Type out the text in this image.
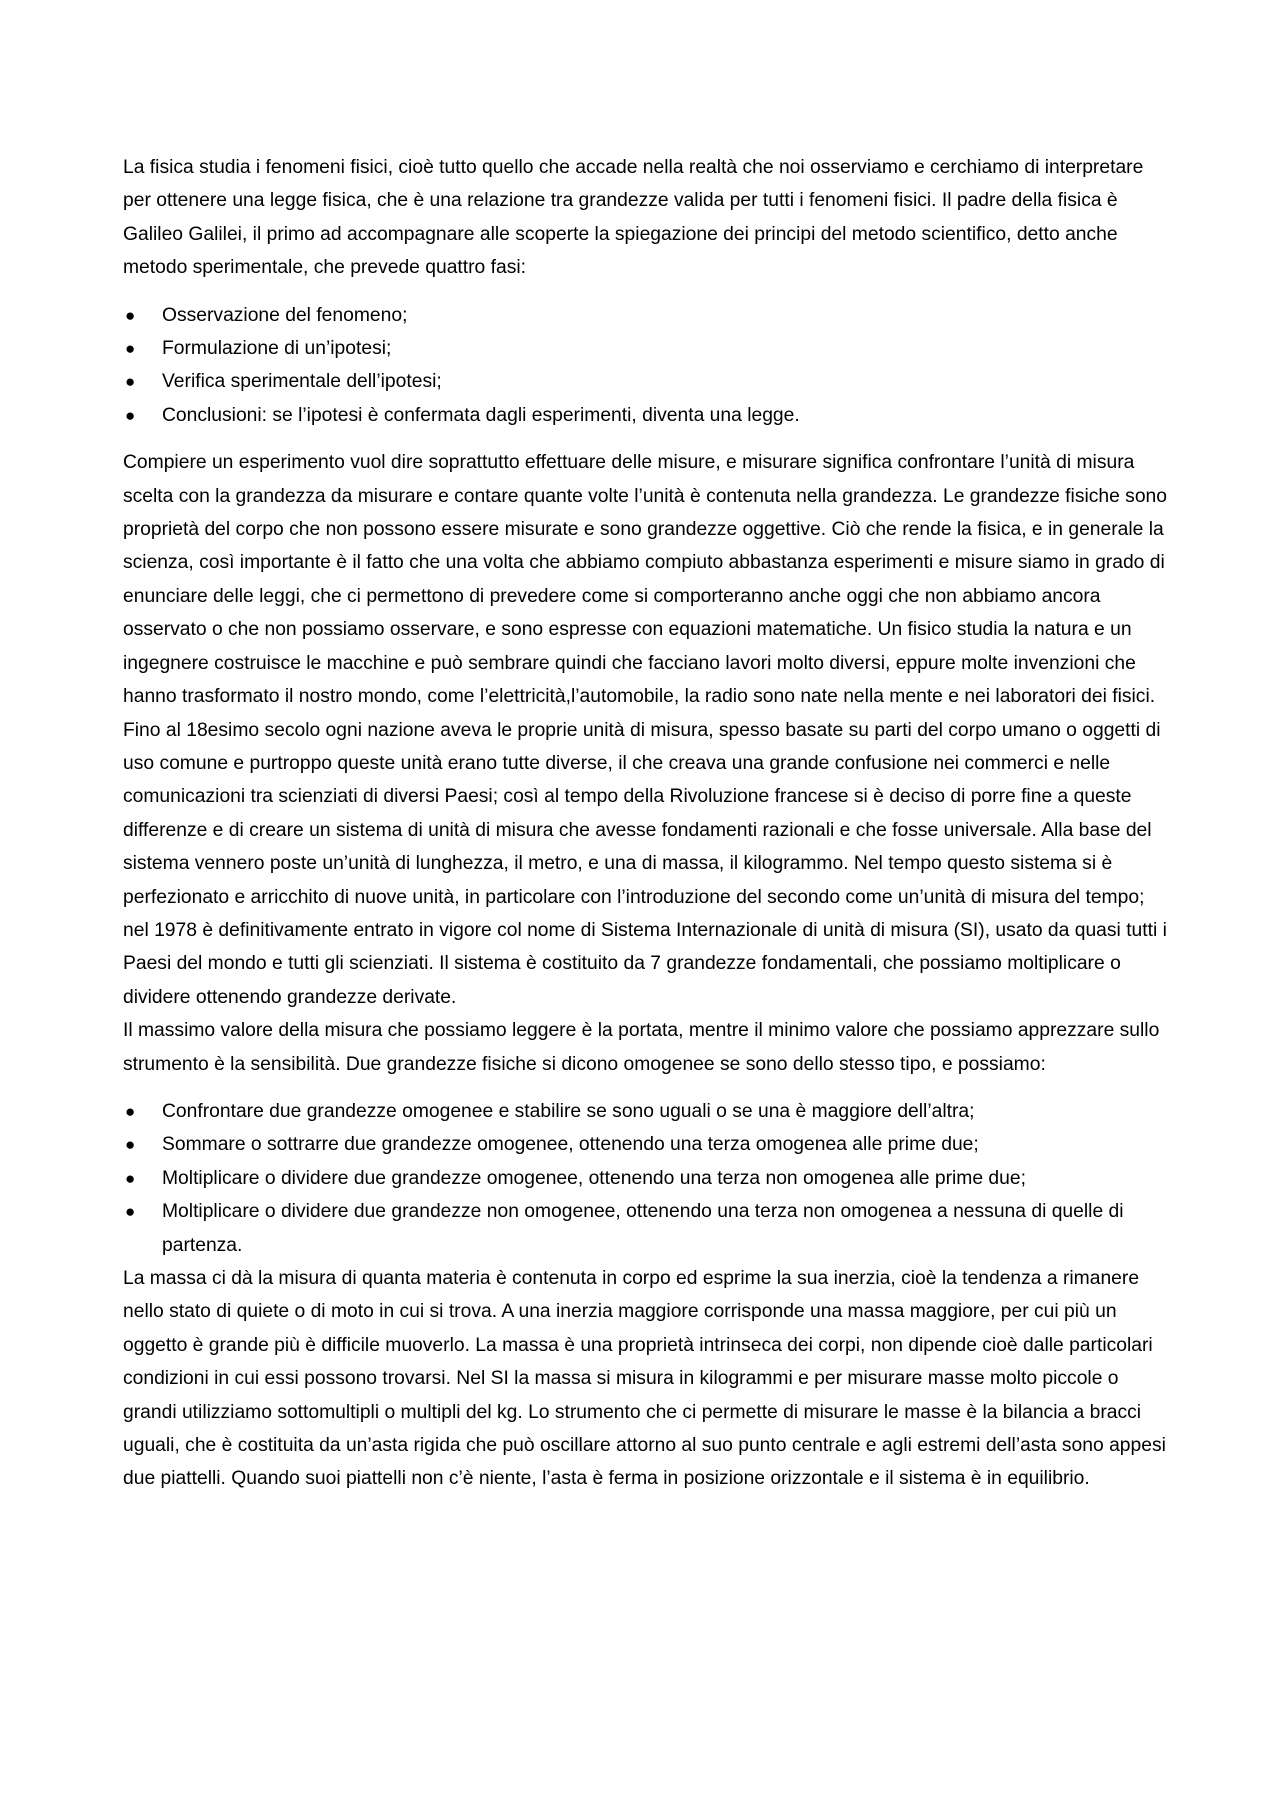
La fisica studia i fenomeni fisici, cioè tutto quello che accade nella realtà che noi osserviamo e cerchiamo di interpretare per ottenere una legge fisica, che è una relazione tra grandezze valida per tutti i fenomeni fisici. Il padre della fisica è Galileo Galilei, il primo ad accompagnare alle scoperte la spiegazione dei principi del metodo scientifico, detto anche metodo sperimentale, che prevede quattro fasi:

● Osservazione del fenomeno;
● Formulazione di un’ipotesi;
● Verifica sperimentale dell’ipotesi;
● Conclusioni: se l’ipotesi è confermata dagli esperimenti, diventa una legge.

Compiere un esperimento vuol dire soprattutto effettuare delle misure, e misurare significa confrontare l’unità di misura scelta con la grandezza da misurare e contare quante volte l’unità è contenuta nella grandezza. Le grandezze fisiche sono proprietà del corpo che non possono essere misurate e sono grandezze oggettive. Ciò che rende la fisica, e in generale la scienza, così importante è il fatto che una volta che abbiamo compiuto abbastanza esperimenti e misure siamo in grado di enunciare delle leggi, che ci permettono di prevedere come si comporteranno anche oggi che non abbiamo ancora osservato o che non possiamo osservare, e sono espresse con equazioni matematiche. Un fisico studia la natura e un ingegnere costruisce le macchine e può sembrare quindi che facciano lavori molto diversi, eppure molte invenzioni che hanno trasformato il nostro mondo, come l’elettricità,l’automobile, la radio sono nate nella mente e nei laboratori dei fisici. Fino al 18esimo secolo ogni nazione aveva le proprie unità di misura, spesso basate su parti del corpo umano o oggetti di uso comune e purtroppo queste unità erano tutte diverse, il che creava una grande confusione nei commerci e nelle comunicazioni tra scienziati di diversi Paesi; così al tempo della Rivoluzione francese si è deciso di porre fine a queste differenze e di creare un sistema di unità di misura che avesse fondamenti razionali e che fosse universale. Alla base del sistema vennero poste un’unità di lunghezza, il metro, e una di massa, il kilogrammo. Nel tempo questo sistema si è perfezionato e arricchito di nuove unità, in particolare con l’introduzione del secondo come un’unità di misura del tempo; nel 1978 è definitivamente entrato in vigore col nome di Sistema Internazionale di unità di misura (SI), usato da quasi tutti i Paesi del mondo e tutti gli scienziati. Il sistema è costituito da 7 grandezze fondamentali, che possiamo moltiplicare o dividere ottenendo grandezze derivate.

Il massimo valore della misura che possiamo leggere è la portata, mentre il minimo valore che possiamo apprezzare sullo strumento è la sensibilità. Due grandezze fisiche si dicono omogenee se sono dello stesso tipo, e possiamo:

● Confrontare due grandezze omogenee e stabilire se sono uguali o se una è maggiore dell’altra;
● Sommare o sottrarre due grandezze omogenee, ottenendo una terza omogenea alle prime due;
● Moltiplicare o dividere due grandezze omogenee, ottenendo una terza non omogenea alle prime due;
● Moltiplicare o dividere due grandezze non omogenee, ottenendo una terza non omogenea a nessuna di quelle di partenza.

La massa ci dà la misura di quanta materia è contenuta in corpo ed esprime la sua inerzia, cioè la tendenza a rimanere nello stato di quiete o di moto in cui si trova. A una inerzia maggiore corrisponde una massa maggiore, per cui più un oggetto è grande più è difficile muoverlo. La massa è una proprietà intrinseca dei corpi, non dipende cioè dalle particolari condizioni in cui essi possono trovarsi. Nel SI la massa si misura in kilogrammi e per misurare masse molto piccole o grandi utilizziamo sottomultipli o multipli del kg. Lo strumento che ci permette di misurare le masse è la bilancia a bracci uguali, che è costituita da un’asta rigida che può oscillare attorno al suo punto centrale e agli estremi dell’asta sono appesi due piattelli. Quando suoi piattelli non c’è niente, l’asta è ferma in posizione orizzontale e il sistema è in equilibrio.
